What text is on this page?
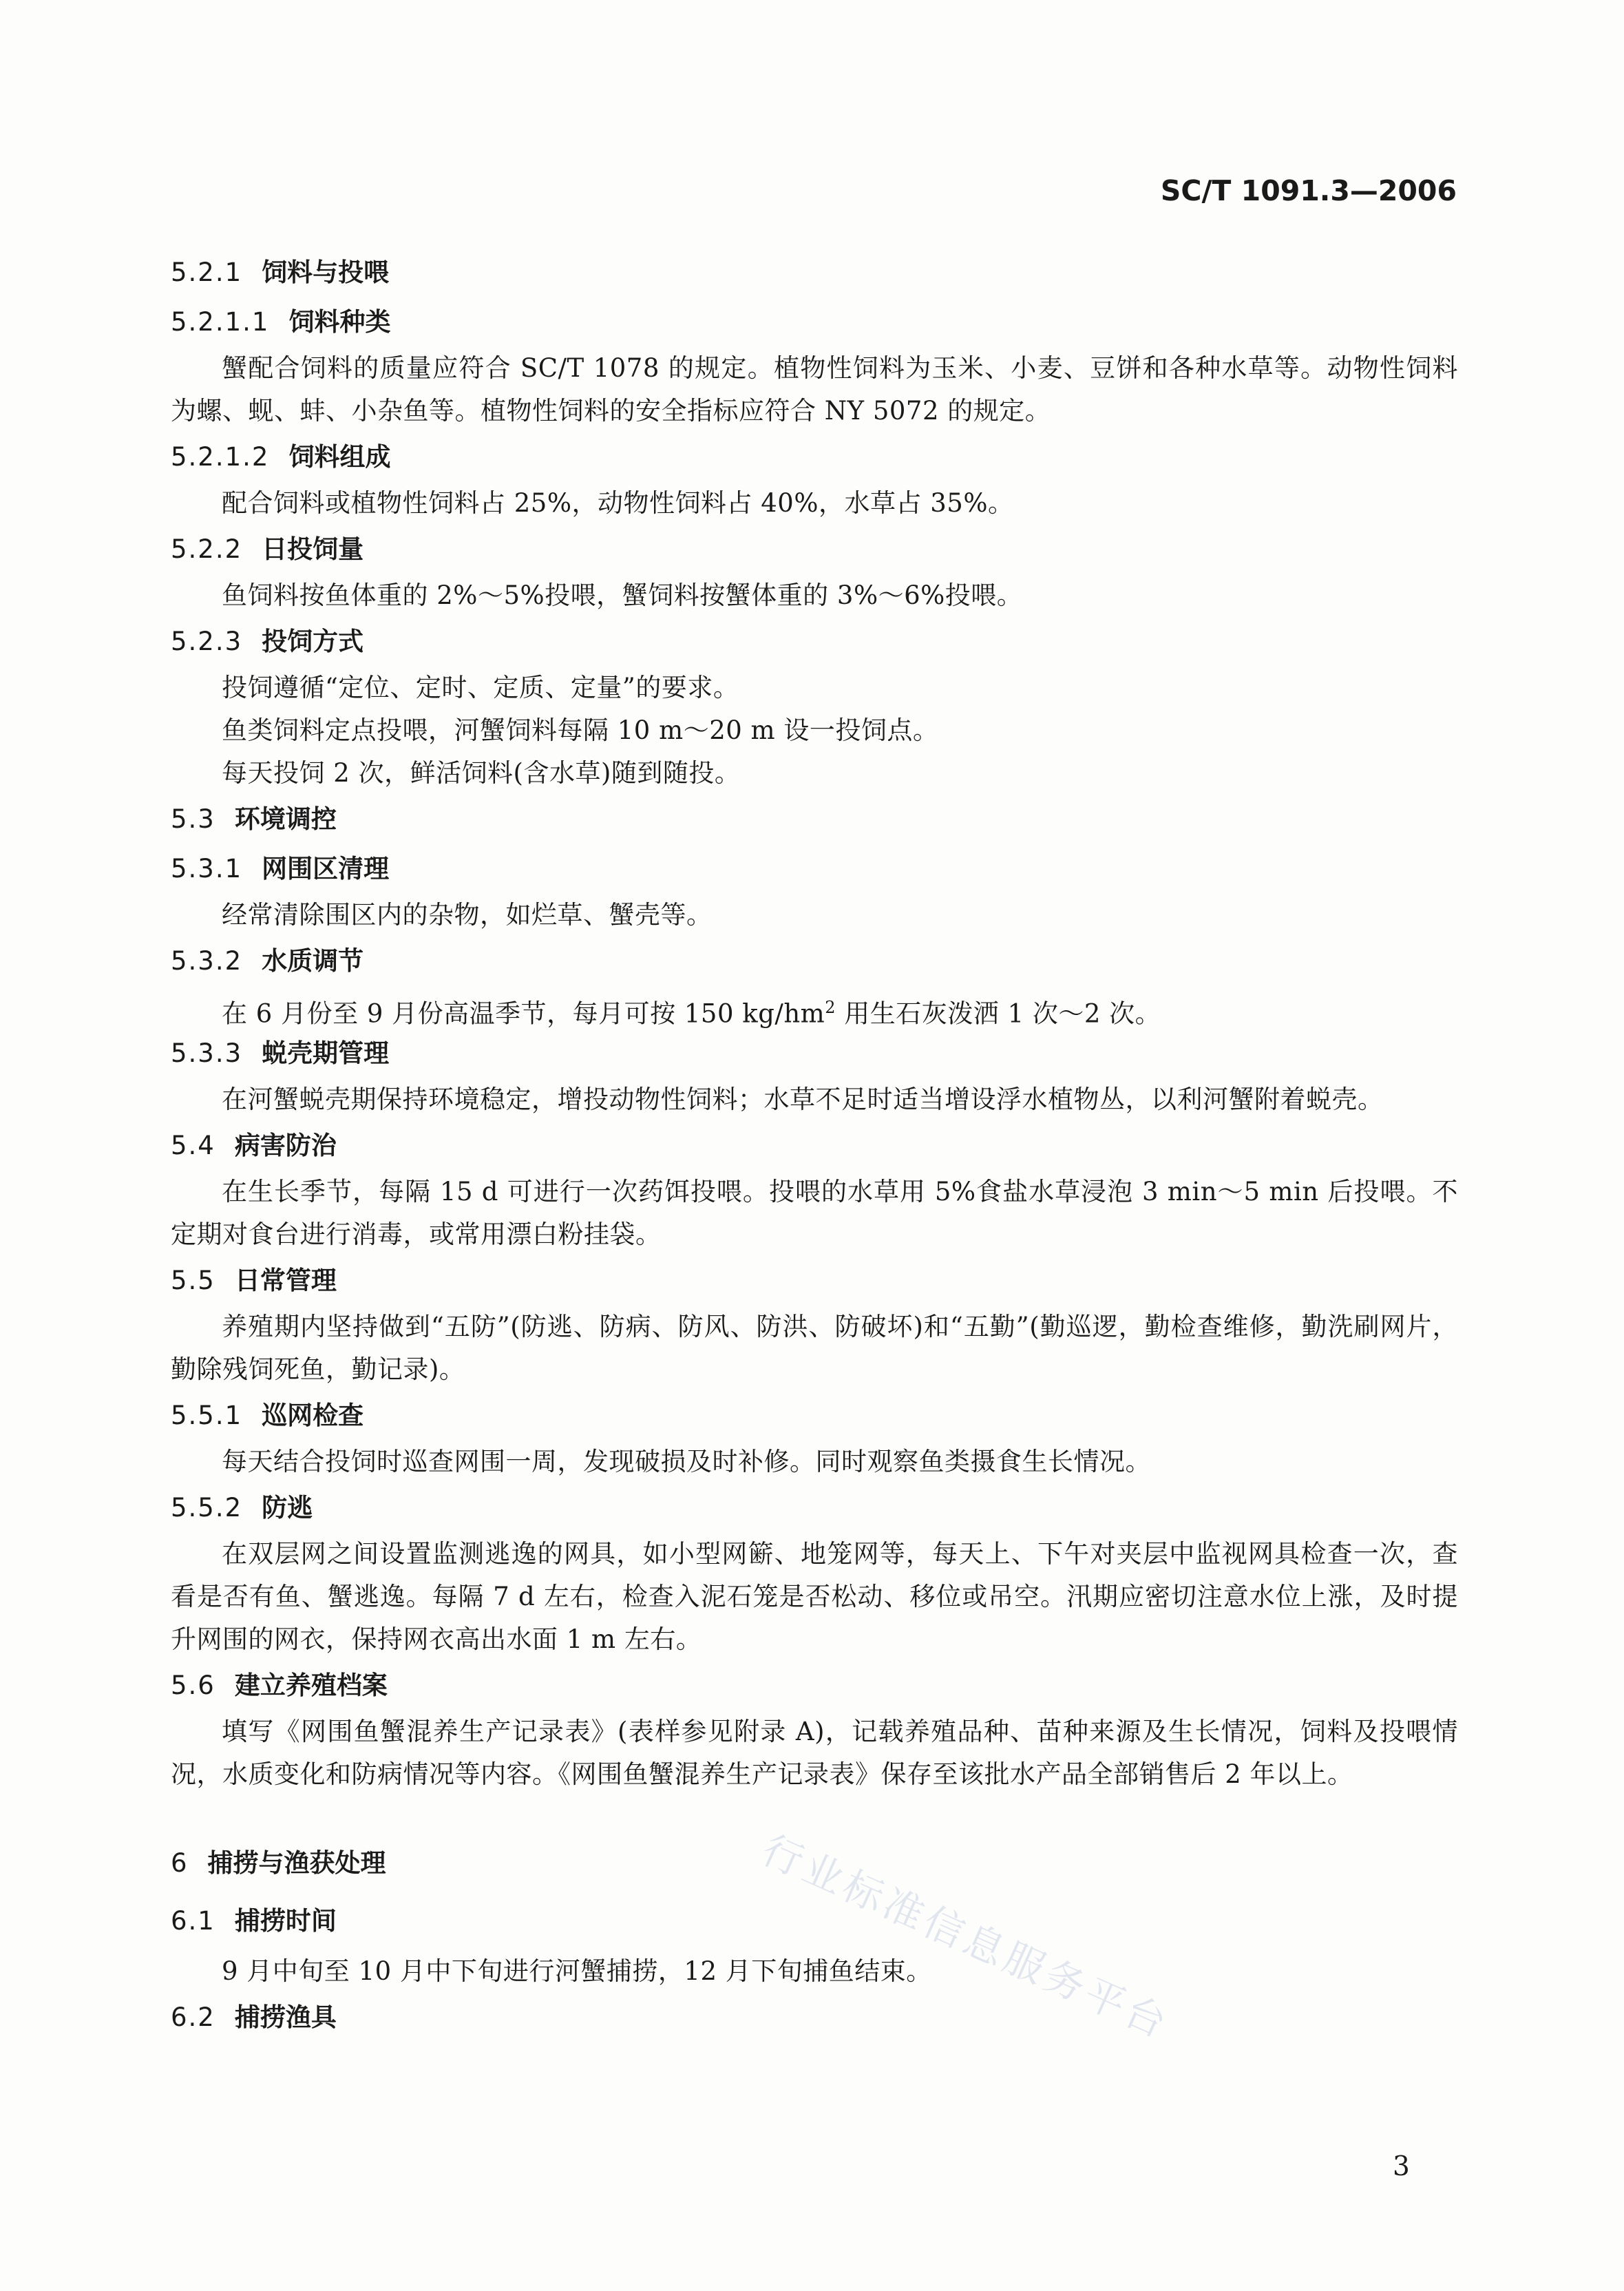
SC/T 1091.3—2006
5.2.1 饲料与投喂
5.2.1.1 饲料种类

蟹配合饲料的质量应符合 SC/T 1078 的规定。植物性饲料为玉米、小麦、豆饼和各种水草等。动物性饲料为螺、蚬、蚌、小杂鱼等。植物性饲料的安全指标应符合 NY 5072 的规定。

5.2.1.2 饲料组成

配合饲料或植物性饲料占 25%，动物性饲料占 40%，水草占 35%。

5.2.2 日投饲量

鱼饲料按鱼体重的 2%～5%投喂，蟹饲料按蟹体重的 3%～6%投喂。

5.2.3 投饲方式

投饲遵循“定位、定时、定质、定量”的要求。

鱼类饲料定点投喂，河蟹饲料每隔 10 m～20 m 设一投饲点。

每天投饲 2 次，鲜活饲料(含水草)随到随投。

5.3 环境调控
5.3.1 网围区清理

经常清除围区内的杂物，如烂草、蟹壳等。

5.3.2 水质调节

在 6 月份至 9 月份高温季节，每月可按 150 $kg/hm^2$ 用生石灰泼洒 1 次～2 次。

5.3.3 蜕壳期管理

在河蟹蜕壳期保持环境稳定，增投动物性饲料；水草不足时适当增设浮水植物丛，以利河蟹附着蜕壳。

5.4 病害防治

在生长季节，每隔 15 d 可进行一次药饵投喂。投喂的水草用 5%食盐水草浸泡 3 min～5 min 后投喂。不定期对食台进行消毒，或常用漂白粉挂袋。

5.5 日常管理

养殖期内坚持做到“五防”(防逃、防病、防风、防洪、防破坏)和“五勤”(勤巡逻，勤检查维修，勤洗刷网片，勤除残饲死鱼，勤记录)。

5.5.1 巡网检查

每天结合投饲时巡查网围一周，发现破损及时补修。同时观察鱼类摄食生长情况。

5.5.2 防逃

在双层网之间设置监测逃逸的网具，如小型网簖、地笼网等，每天上、下午对夹层中监视网具检查一次，查看是否有鱼、蟹逃逸。每隔 7 d 左右，检查入泥石笼是否松动、移位或吊空。汛期应密切注意水位上涨，及时提升网围的网衣，保持网衣高出水面 1 m 左右。

5.6 建立养殖档案

填写《网围鱼蟹混养生产记录表》(表样参见附录 A)，记载养殖品种、苗种来源及生长情况，饲料及投喂情况，水质变化和防病情况等内容。《网围鱼蟹混养生产记录表》保存至该批水产品全部销售后 2 年以上。

6 捕捞与渔获处理
6.1 捕捞时间

9 月中旬至 10 月中下旬进行河蟹捕捞，12 月下旬捕鱼结束。

6.2 捕捞渔具	行业标准信息服务平台
3
